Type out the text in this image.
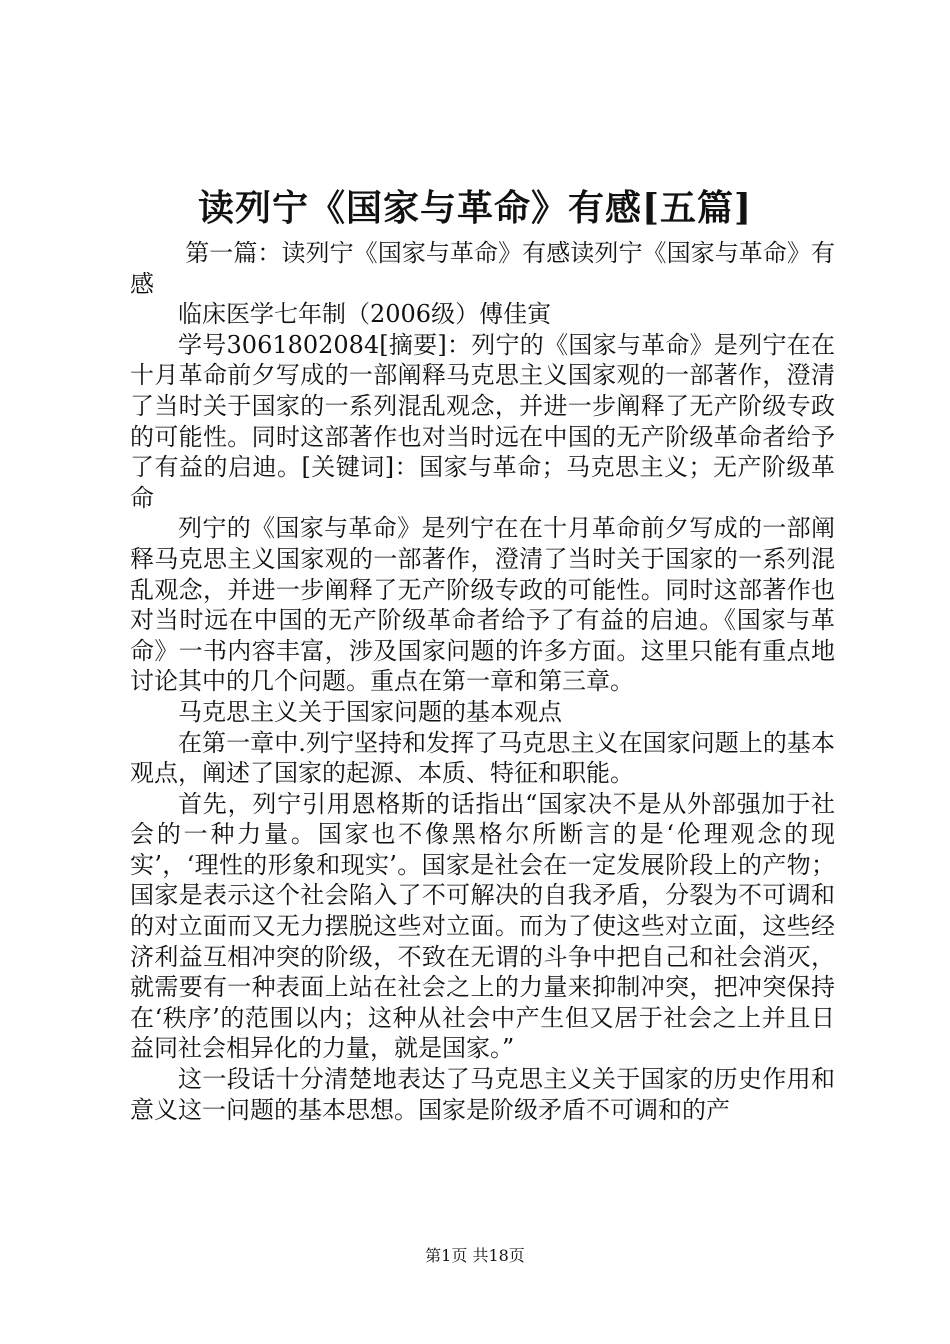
读列宁《国家与革命》有感[五篇]

第一篇：读列宁《国家与革命》有感读列宁《国家与革命》有感

临床医学七年制（2006级）傅佳寅

学号3061802084[摘要]：列宁的《国家与革命》是列宁在在十月革命前夕写成的一部阐释马克思主义国家观的一部著作，澄清了当时关于国家的一系列混乱观念，并进一步阐释了无产阶级专政的可能性。同时这部著作也对当时远在中国的无产阶级革命者给予了有益的启迪。[关键词]：国家与革命；马克思主义；无产阶级革命

列宁的《国家与革命》是列宁在在十月革命前夕写成的一部阐释马克思主义国家观的一部著作，澄清了当时关于国家的一系列混乱观念，并进一步阐释了无产阶级专政的可能性。同时这部著作也对当时远在中国的无产阶级革命者给予了有益的启迪。《国家与革命》一书内容丰富，涉及国家问题的许多方面。这里只能有重点地讨论其中的几个问题。重点在第一章和第三章。

马克思主义关于国家问题的基本观点

在第一章中.列宁坚持和发挥了马克思主义在国家问题上的基本观点，阐述了国家的起源、本质、特征和职能。

首先，列宁引用恩格斯的话指出“国家决不是从外部强加于社会的一种力量。国家也不像黑格尔所断言的是‘伦理观念的现实’，‘理性的形象和现实’。国家是社会在一定发展阶段上的产物；国家是表示这个社会陷入了不可解决的自我矛盾，分裂为不可调和的对立面而又无力摆脱这些对立面。而为了使这些对立面，这些经济利益互相冲突的阶级，不致在无谓的斗争中把自己和社会消灭，就需要有一种表面上站在社会之上的力量来抑制冲突，把冲突保持在‘秩序’的范围以内；这种从社会中产生但又居于社会之上并且日益同社会相异化的力量，就是国家。”

这一段话十分清楚地表达了马克思主义关于国家的历史作用和意义这一问题的基本思想。国家是阶级矛盾不可调和的产

第1页 共18页
